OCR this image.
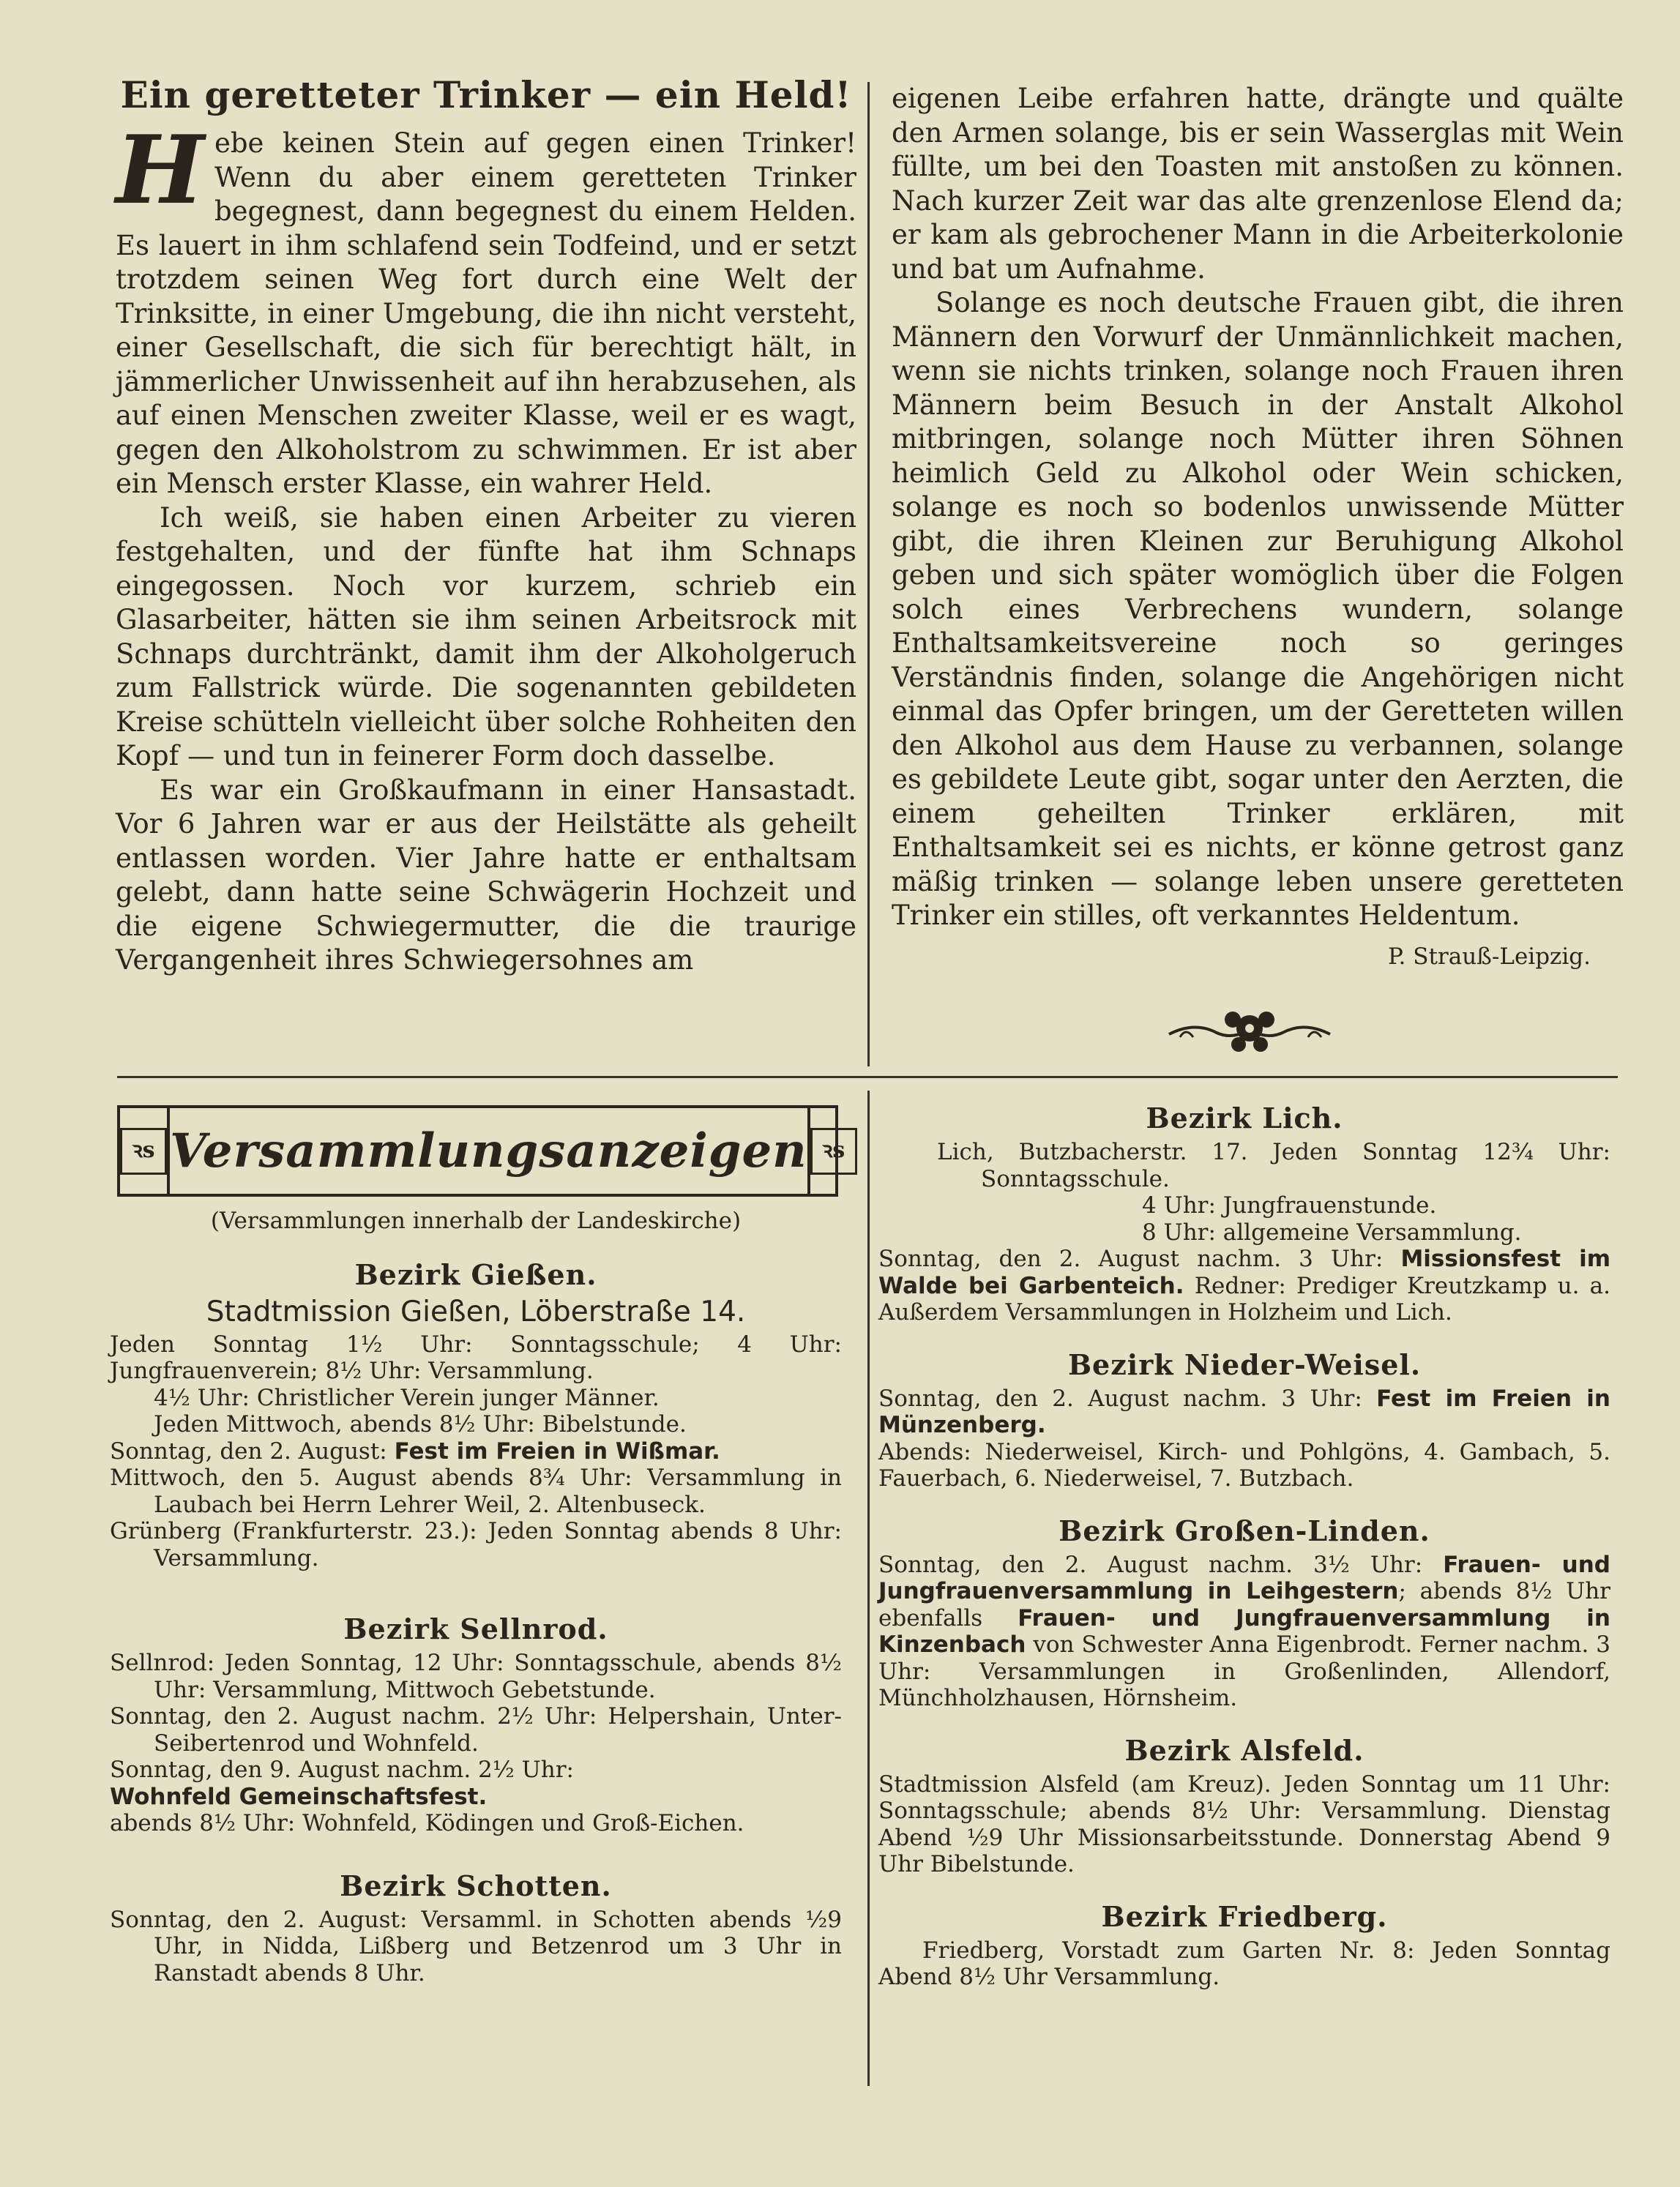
Ein geretteter Trinker — ein Held!

Hebe keinen Stein auf gegen einen Trinker! Wenn du aber einem geretteten Trinker begegnest, dann begegnest du einem Helden. Es lauert in ihm schlafend sein Todfeind, und er setzt trotzdem seinen Weg fort durch eine Welt der Trinksitte, in einer Umgebung, die ihn nicht versteht, einer Gesellschaft, die sich für berechtigt hält, in jämmerlicher Unwissenheit auf ihn herabzusehen, als auf einen Menschen zweiter Klasse, weil er es wagt, gegen den Alkoholstrom zu schwimmen. Er ist aber ein Mensch erster Klasse, ein wahrer Held.

Ich weiß, sie haben einen Arbeiter zu vieren festgehalten, und der fünfte hat ihm Schnaps eingegossen. Noch vor kurzem, schrieb ein Glasarbeiter, hätten sie ihm seinen Arbeitsrock mit Schnaps durchtränkt, damit ihm der Alkoholgeruch zum Fallstrick würde. Die sogenannten gebildeten Kreise schütteln vielleicht über solche Rohheiten den Kopf — und tun in feinerer Form doch dasselbe.

Es war ein Großkaufmann in einer Hansastadt. Vor 6 Jahren war er aus der Heilstätte als geheilt entlassen worden. Vier Jahre hatte er enthaltsam gelebt, dann hatte seine Schwägerin Hochzeit und die eigene Schwiegermutter, die die traurige Vergangenheit ihres Schwiegersohnes am

eigenen Leibe erfahren hatte, drängte und quälte den Armen solange, bis er sein Wasserglas mit Wein füllte, um bei den Toasten mit anstoßen zu können. Nach kurzer Zeit war das alte grenzenlose Elend da; er kam als gebrochener Mann in die Arbeiterkolonie und bat um Aufnahme.

Solange es noch deutsche Frauen gibt, die ihren Männern den Vorwurf der Unmännlichkeit machen, wenn sie nichts trinken, solange noch Frauen ihren Männern beim Besuch in der Anstalt Alkohol mitbringen, solange noch Mütter ihren Söhnen heimlich Geld zu Alkohol oder Wein schicken, solange es noch so bodenlos unwissende Mütter gibt, die ihren Kleinen zur Beruhigung Alkohol geben und sich später womöglich über die Folgen solch eines Verbrechens wundern, solange Enthaltsamkeitsvereine noch so geringes Verständnis finden, solange die Angehörigen nicht einmal das Opfer bringen, um der Geretteten willen den Alkohol aus dem Hause zu verbannen, solange es gebildete Leute gibt, sogar unter den Aerzten, die einem geheilten Trinker erklären, mit Enthaltsamkeit sei es nichts, er könne getrost ganz mäßig trinken — solange leben unsere geretteten Trinker ein stilles, oft verkanntes Heldentum.

P. Strauß-Leipzig.
ꝛs Versammlungsanzeigen ꝛs

(Versammlungen innerhalb der Landeskirche)

Bezirk Gießen.
Stadtmission Gießen, Löberstraße 14.

Jeden Sonntag 1½ Uhr: Sonntagsschule; 4 Uhr: Jungfrauenverein; 8½ Uhr: Versammlung.

4½ Uhr: Christlicher Verein junger Männer.

Jeden Mittwoch, abends 8½ Uhr: Bibelstunde.

Sonntag, den 2. August: Fest im Freien in Wißmar.

Mittwoch, den 5. August abends 8¾ Uhr: Versammlung in Laubach bei Herrn Lehrer Weil, 2. Altenbuseck.

Grünberg (Frankfurterstr. 23.): Jeden Sonntag abends 8 Uhr: Versammlung.

Bezirk Sellnrod.

Sellnrod: Jeden Sonntag, 12 Uhr: Sonntagsschule, abends 8½ Uhr: Versammlung, Mittwoch Gebetstunde.

Sonntag, den 2. August nachm. 2½ Uhr: Helpershain, Unter-Seibertenrod und Wohnfeld.

Sonntag, den 9. August nachm. 2½ Uhr:

Wohnfeld Gemeinschaftsfest.

abends 8½ Uhr: Wohnfeld, Ködingen und Groß-Eichen.

Bezirk Schotten.

Sonntag, den 2. August: Versamml. in Schotten abends ½9 Uhr, in Nidda, Lißberg und Betzenrod um 3 Uhr in Ranstadt abends 8 Uhr.

Bezirk Lich.

Lich, Butzbacherstr. 17. Jeden Sonntag 12¾ Uhr: Sonntagsschule.

4 Uhr: Jungfrauenstunde.

8 Uhr: allgemeine Versammlung.

Sonntag, den 2. August nachm. 3 Uhr: Missionsfest im Walde bei Garbenteich. Redner: Prediger Kreutzkamp u. a. Außerdem Versammlungen in Holzheim und Lich.

Bezirk Nieder-Weisel.

Sonntag, den 2. August nachm. 3 Uhr: Fest im Freien in Münzenberg.

Abends: Niederweisel, Kirch- und Pohlgöns, 4. Gambach, 5. Fauerbach, 6. Niederweisel, 7. Butzbach.

Bezirk Großen-Linden.

Sonntag, den 2. August nachm. 3½ Uhr: Frauen- und Jungfrauenversammlung in Leihgestern; abends 8½ Uhr ebenfalls Frauen- und Jungfrauenversammlung in Kinzenbach von Schwester Anna Eigenbrodt. Ferner nachm. 3 Uhr: Versammlungen in Großenlinden, Allendorf, Münchholzhausen, Hörnsheim.

Bezirk Alsfeld.

Stadtmission Alsfeld (am Kreuz). Jeden Sonntag um 11 Uhr: Sonntagsschule; abends 8½ Uhr: Versammlung. Dienstag Abend ½9 Uhr Missionsarbeitsstunde. Donnerstag Abend 9 Uhr Bibelstunde.

Bezirk Friedberg.

Friedberg, Vorstadt zum Garten Nr. 8: Jeden Sonntag Abend 8½ Uhr Versammlung.
